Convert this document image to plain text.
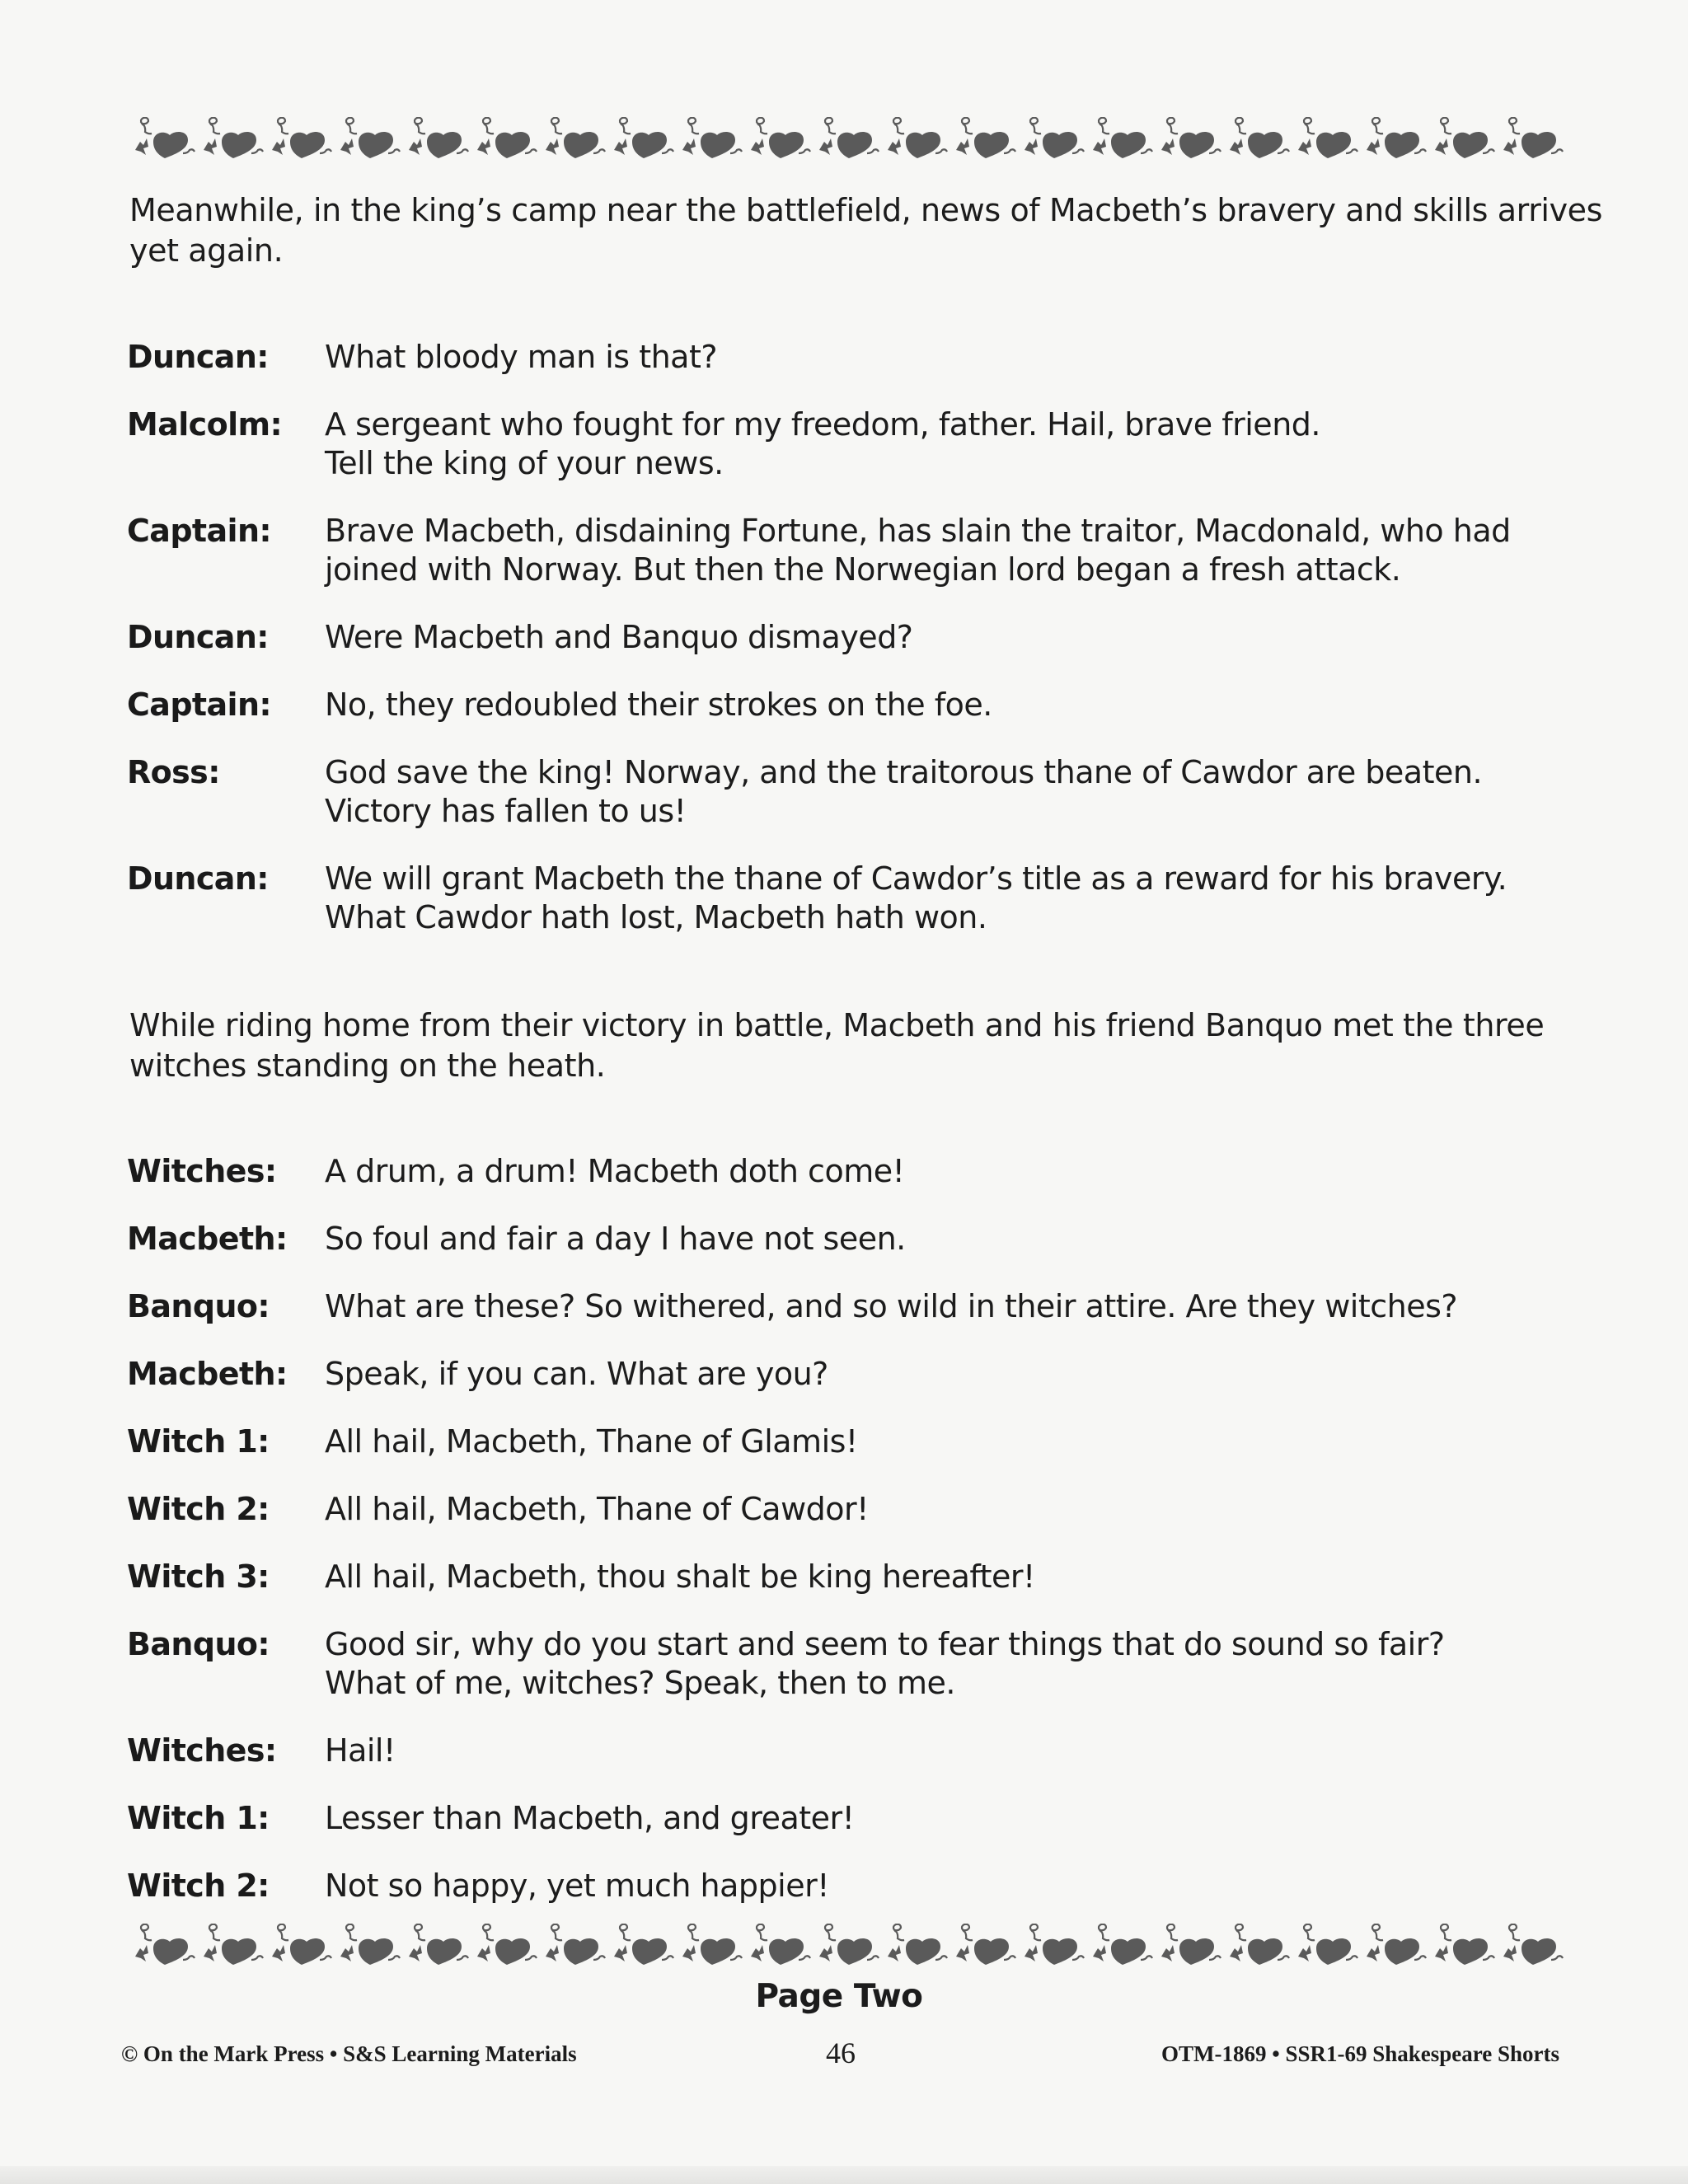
Meanwhile, in the king’s camp near the battlefield, news of Macbeth’s bravery and skills arrives
yet again.

Duncan:	What bloody man is that?
Malcolm:	A sergeant who fought for my freedom, father. Hail, brave friend.
Tell the king of your news.
Captain:	Brave Macbeth, disdaining Fortune, has slain the traitor, Macdonald, who had
joined with Norway. But then the Norwegian lord began a fresh attack.
Duncan:	Were Macbeth and Banquo dismayed?
Captain:	No, they redoubled their strokes on the foe.
Ross:	God save the king! Norway, and the traitorous thane of Cawdor are beaten.
Victory has fallen to us!
Duncan:	We will grant Macbeth the thane of Cawdor’s title as a reward for his bravery.
What Cawdor hath lost, Macbeth hath won.

While riding home from their victory in battle, Macbeth and his friend Banquo met the three
witches standing on the heath.

Witches:	A drum, a drum! Macbeth doth come!
Macbeth:	So foul and fair a day I have not seen.
Banquo:	What are these? So withered, and so wild in their attire. Are they witches?
Macbeth:	Speak, if you can. What are you?
Witch 1:	All hail, Macbeth, Thane of Glamis!
Witch 2:	All hail, Macbeth, Thane of Cawdor!
Witch 3:	All hail, Macbeth, thou shalt be king hereafter!
Banquo:	Good sir, why do you start and seem to fear things that do sound so fair?
What of me, witches? Speak, then to me.
Witches:	Hail!
Witch 1:	Lesser than Macbeth, and greater!
Witch 2:	Not so happy, yet much happier!
Page Two
© On the Mark Press • S&S Learning Materials	46	OTM-1869 • SSR1-69 Shakespeare Shorts
